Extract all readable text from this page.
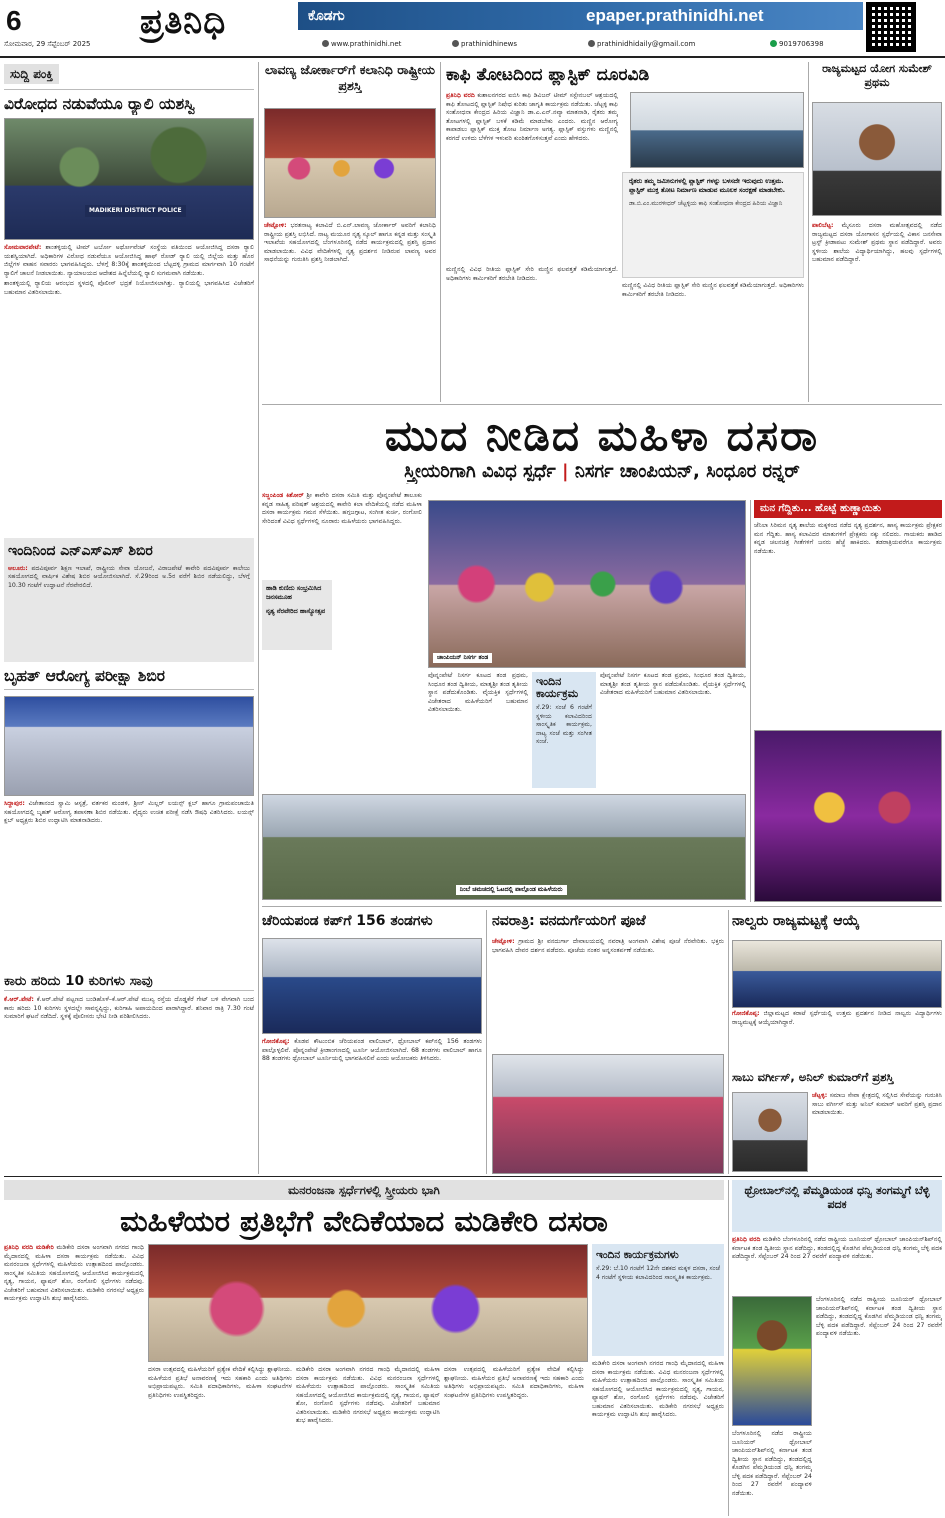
6	ಪ್ರತಿನಿಧಿ	ಕೊಡಗು	epaper.prathinidhi.net
ಸೋಮವಾರ, 29 ಸೆಪ್ಟೆಂಬರ್ 2025	www.prathinidhi.net	prathinidhinews	prathinidhidaily@gmail.com	9019706398
ಸುದ್ದಿ ಪಂಕ್ತಿ
ವಿರೋಧದ ನಡುವೆಯೂ ರ‍್ಯಾಲಿ ಯಶಸ್ವಿ
MADIKERI DISTRICT POLICE

ಸೋಮವಾರಪೇಟೆ: ಶಾಂತಳ್ಳಿಯಲ್ಲಿ ಟೀಮ್ ಟರ್ಬೋ ಅರ್ಥೋವೆಂಟ್ ಸಂಸ್ಥೆಯ ವತಿಯಿಂದ ಆಯೋಜಿಸಿದ್ದ ದಸರಾ ರ‍್ಯಾಲಿ ಯಶಸ್ವಿಯಾಗಿದೆ. ಅಧಿಕಾರಿಗಳ ವಿರೋಧ ನಡುವೆಯೂ ಆಯೋಜಿಸಿದ್ದ ಹಾಫ್ ರೋಡ್ ರ‍್ಯಾಲಿ ಯಲ್ಲಿ ಜಿಲ್ಲೆಯ ಮತ್ತು ಹೊರ ಜಿಲ್ಲೆಗಳ ವಾಹನ ಸವಾರರು ಭಾಗವಹಿಸಿದ್ದರು. ಬೆಳಗ್ಗೆ 8:30ಕ್ಕೆ ಶಾಂತಳ್ಳಿಯಿಂದ ಬೆಟ್ಟದಳ್ಳಿ ಗ್ರಾಮದ ಮಾರ್ಗವಾಗಿ 10 ಗಂಟೆಗೆ ರ‍್ಯಾಲಿಗೆ ಚಾಲನೆ ನೀಡಲಾಯಿತು. ನ್ಯಾಯಾಲಯದ ಆದೇಶದ ಹಿನ್ನೆಲೆಯಲ್ಲಿ ರ‍್ಯಾಲಿ ಸುಗಮವಾಗಿ ನಡೆಯಿತು.

ಶಾಂತಳ್ಳಿಯಲ್ಲಿ ರ‍್ಯಾಲಿಯ ಆರಂಭದ ಸ್ಥಳದಲ್ಲಿ ಪೊಲೀಸ್ ಭದ್ರತೆ ನಿಯೋಜಿಸಲಾಗಿತ್ತು. ರ‍್ಯಾಲಿಯಲ್ಲಿ ಭಾಗವಹಿಸಿದ ವಿಜೇತರಿಗೆ ಬಹುಮಾನ ವಿತರಿಸಲಾಯಿತು.

ಇಂದಿನಿಂದ ಎನ್‌ಎಸ್‌ಎಸ್ ಶಿಬಿರ
ಆಲೂರು: ಪದವಿಪೂರ್ವ ಶಿಕ್ಷಣ ಇಲಾಖೆ, ರಾಷ್ಟ್ರೀಯ ಸೇವಾ ಯೋಜನೆ, ವಿರಾಜಪೇಟೆ ಕಾವೇರಿ ಪದವಿಪೂರ್ವ ಕಾಲೇಜು ಸಹಯೋಗದಲ್ಲಿ ವಾರ್ಷಿಕ ವಿಶೇಷ ಶಿಬಿರ ಆಯೋಜಿಸಲಾಗಿದೆ. ಸೆ.29ರಿಂದ ಅ.5ರ ವರೆಗೆ ಶಿಬಿರ ನಡೆಯಲಿದ್ದು, ಬೆಳಗ್ಗೆ 10.30 ಗಂಟೆಗೆ ಉದ್ಘಾಟನೆ ನೆರವೇರಲಿದೆ.
ಬೃಹತ್ ಆರೋಗ್ಯ ಪರೀಕ್ಷಾ ಶಿಬಿರ
ಸಿದ್ದಾಪುರ: ವಿಜೇತಾನಂದ ಸ್ವಾಮಿ ಆಸ್ಪತ್ರೆ, ವರ್ತಕರ ಮಂಡಳಿ, ಶ್ರೀನ್ ಮಿಲ್ಲರ್ ಲಯನ್ಸ್ ಕ್ಲಬ್ ಹಾಗೂ ಗ್ರಾಮಪಂಚಾಯಿತಿ ಸಹಯೋಗದಲ್ಲಿ ಬೃಹತ್ ಆರೋಗ್ಯ ತಪಾಸಣಾ ಶಿಬಿರ ನಡೆಯಿತು. ವೈದ್ಯರು ಉಚಿತ ಪರೀಕ್ಷೆ ನಡೆಸಿ ಔಷಧಿ ವಿತರಿಸಿದರು. ಲಯನ್ಸ್ ಕ್ಲಬ್ ಅಧ್ಯಕ್ಷರು ಶಿಬಿರ ಉದ್ಘಾಟಿಸಿ ಮಾತನಾಡಿದರು.
ಕಾರು ಹರಿದು 10 ಕುರಿಗಳು ಸಾವು
ಕೆ.ಆರ್.ಪೇಟೆ: ಕೆ.ಆರ್.ಪೇಟೆ ಪಟ್ಟಣದ ಬಂಡಿಹೊಳೆ–ಕೆ.ಆರ್.ಪೇಟೆ ಮುಖ್ಯ ರಸ್ತೆಯ ದೊಡ್ಡಕೆರೆ ಗೇಟ್ ಬಳಿ ವೇಗವಾಗಿ ಬಂದ ಕಾರು ಹರಿದು 10 ಕುರಿಗಳು ಸ್ಥಳದಲ್ಲೇ ಸಾವನ್ನಪ್ಪಿದ್ದು, ಕುರಿಗಾಹಿ ಅಪಾಯದಿಂದ ಪಾರಾಗಿದ್ದಾರೆ. ಶನಿವಾರ ರಾತ್ರಿ 7.30 ಗಂಟೆ ಸುಮಾರಿಗೆ ಘಟನೆ ನಡೆದಿದೆ. ಸ್ಥಳಕ್ಕೆ ಪೊಲೀಸರು ಭೇಟಿ ನೀಡಿ ಪರಿಶೀಲಿಸಿದರು.
ಲಾವಣ್ಯ ಜೋರ್ಕಾರ್‌ಗೆ ಕಲಾನಿಧಿ ರಾಷ್ಟ್ರೀಯ ಪ್ರಶಸ್ತಿ
ಚೇಟ್ಟೋಳಿ: ಭರತನಾಟ್ಯ ಕಲಾವಿದೆ ಬಿ.ಎನ್.ಲಾವಣ್ಯ ಜೋರ್ಕಾರ್ ಅವರಿಗೆ ಕಲಾನಿಧಿ ರಾಷ್ಟ್ರೀಯ ಪ್ರಶಸ್ತಿ ಲಭಿಸಿದೆ. ನಾಟ್ಯ ಮಯೂರ ನೃತ್ಯ ಸ್ಕೂಲ್ ಹಾಗೂ ಕನ್ನಡ ಮತ್ತು ಸಂಸ್ಕೃತಿ ಇಲಾಖೆಯ ಸಹಯೋಗದಲ್ಲಿ ಬೆಂಗಳೂರಿನಲ್ಲಿ ನಡೆದ ಕಾರ್ಯಕ್ರಮದಲ್ಲಿ ಪ್ರಶಸ್ತಿ ಪ್ರದಾನ ಮಾಡಲಾಯಿತು. ವಿವಿಧ ವೇದಿಕೆಗಳಲ್ಲಿ ನೃತ್ಯ ಪ್ರದರ್ಶನ ನೀಡಿರುವ ಲಾವಣ್ಯ ಅವರ ಸಾಧನೆಯನ್ನು ಗುರುತಿಸಿ ಪ್ರಶಸ್ತಿ ನೀಡಲಾಗಿದೆ.
ಕಾಫಿ ತೋಟದಿಂದ ಪ್ಲಾಸ್ಟಿಕ್ ದೂರವಿಡಿ
ಪ್ರತಿನಿಧಿ ವರದಿ ಕುಶಾಲನಗರದ ಐಬಿಸಿ ಕಾಫಿ ಡಿವಿಜನ್ ಟೀಮ್ ಸಸ್ಟೇನಬಲ್ ಆಶ್ರಯದಲ್ಲಿ ಕಾಫಿ ತೋಟದಲ್ಲಿ ಪ್ಲಾಸ್ಟಿಕ್ ನಿಷೇಧ ಕುರಿತು ಜಾಗೃತಿ ಕಾರ್ಯಕ್ರಮ ನಡೆಯಿತು. ಚೆಟ್ಟಳ್ಳಿ ಕಾಫಿ ಸಂಶೋಧನಾ ಕೇಂದ್ರದ ಹಿರಿಯ ವಿಜ್ಞಾನಿ ಡಾ.ಎ.ಎನ್.ನವ್ಯಾ ಮಾತನಾಡಿ, ರೈತರು ತಮ್ಮ ತೋಟಗಳಲ್ಲಿ ಪ್ಲಾಸ್ಟಿಕ್ ಬಳಕೆ ಕಡಿಮೆ ಮಾಡಬೇಕು ಎಂದರು. ಮಣ್ಣಿನ ಆರೋಗ್ಯ ಕಾಪಾಡಲು ಪ್ಲಾಸ್ಟಿಕ್ ಮುಕ್ತ ತೋಟ ನಿರ್ಮಾಣ ಅಗತ್ಯ. ಪ್ಲಾಸ್ಟಿಕ್ ವಸ್ತುಗಳು ಮಣ್ಣಿನಲ್ಲಿ ಕರಗದೆ ಉಳಿದು ಬೆಳೆಗಳ ಇಳುವರಿ ಕುಂಠಿತಗೊಳಿಸುತ್ತವೆ ಎಂದು ಹೇಳಿದರು.
ರೈತರು ತಮ್ಮ ಜಮೀನುಗಳಲ್ಲಿ ಪ್ಲಾಸ್ಟಿಕ್ ಗಳನ್ನು ಬಳಸದೇ ಇರುವುದು ಉತ್ತಮ. ಪ್ಲಾಸ್ಟಿಕ್ ಮುಕ್ತ ತೋಟ ನಿರ್ಮಾಣ ಮಾಡುವ ಮೂಲಕ ಸಂರಕ್ಷಣೆ ಮಾಡಬೇಕು.
ಡಾ.ಬಿ.ಎಂ.ಮುರಳೀಧರ್ ಚೆಟ್ಟಳ್ಳಿಯ ಕಾಫಿ ಸಂಶೋಧನಾ ಕೇಂದ್ರದ ಹಿರಿಯ ವಿಜ್ಞಾನಿ
ಮಣ್ಣಿನಲ್ಲಿ ವಿವಿಧ ರೀತಿಯ ಪ್ಲಾಸ್ಟಿಕ್ ಸೇರಿ ಮಣ್ಣಿನ ಫಲವತ್ತತೆ ಕಡಿಮೆಯಾಗುತ್ತದೆ. ಅಧಿಕಾರಿಗಳು ಕಾರ್ಮಿಕರಿಗೆ ತರಬೇತಿ ನೀಡಿದರು.
ಮಣ್ಣಿನಲ್ಲಿ ವಿವಿಧ ರೀತಿಯ ಪ್ಲಾಸ್ಟಿಕ್ ಸೇರಿ ಮಣ್ಣಿನ ಫಲವತ್ತತೆ ಕಡಿಮೆಯಾಗುತ್ತದೆ. ಅಧಿಕಾರಿಗಳು ಕಾರ್ಮಿಕರಿಗೆ ತರಬೇತಿ ನೀಡಿದರು.
ರಾಜ್ಯಮಟ್ಟದ ಯೋಗ ಸುಮೇಶ್ ಪ್ರಥಮ
ಪಾಲಿಬೆಟ್ಟ: ಮೈಸೂರು ದಸರಾ ಮಹೋತ್ಸವದಲ್ಲಿ ನಡೆದ ರಾಜ್ಯಮಟ್ಟದ ದಸರಾ ಯೋಗಾಸನ ಸ್ಪರ್ಧೆಯಲ್ಲಿ ವಿಕಾಸ ಜನಸೇವಾ ಟ್ರಸ್ಟ್ ಕ್ರೀಡಾಪಟು ಸುಮೇಶ್ ಪ್ರಥಮ ಸ್ಥಾನ ಪಡೆದಿದ್ದಾರೆ. ಅವರು ಸ್ಥಳೀಯ ಶಾಲೆಯ ವಿದ್ಯಾರ್ಥಿಯಾಗಿದ್ದು, ಹಲವು ಸ್ಪರ್ಧೆಗಳಲ್ಲಿ ಬಹುಮಾನ ಪಡೆದಿದ್ದಾರೆ.
ಮುದ ನೀಡಿದ ಮಹಿಳಾ ದಸರಾ
ಸ್ತ್ರೀಯರಿಗಾಗಿ ವಿವಿಧ ಸ್ಪರ್ಧೆ | ನಿಸರ್ಗ ಚಾಂಪಿಯನ್, ಸಿಂಧೂರ ರನ್ನರ್

ಸಜ್ಜಂಪಿಂಡ ಕಿಶೋರ್ ಶ್ರೀ ಕಾವೇರಿ ದಸರಾ ಸಮಿತಿ ಮತ್ತು ಪೊನ್ನಂಪೇಟೆ ತಾಲೂಕು ಕನ್ನಡ ಸಾಹಿತ್ಯ ಪರಿಷತ್ ಆಶ್ರಯದಲ್ಲಿ ಕಾವೇರಿ ಕಲಾ ವೇದಿಕೆಯಲ್ಲಿ ನಡೆದ ಮಹಿಳಾ ದಸರಾ ಕಾರ್ಯಕ್ರಮ ಗಮನ ಸೆಳೆಯಿತು. ಹಗ್ಗಜಗ್ಗಾಟ, ಸಂಗೀತ ಕುರ್ಚಿ, ರಂಗೋಲಿ ಸೇರಿದಂತೆ ವಿವಿಧ ಸ್ಪರ್ಧೆಗಳಲ್ಲಿ ನೂರಾರು ಮಹಿಳೆಯರು ಭಾಗವಹಿಸಿದ್ದರು.

ಹಾಡಿ ಕುಣಿದು ಸಂಭ್ರಮಿಸಿದ ಜನಸಮೂಹ
ನೃತ್ಯ ನೆರವೇರಿದ ಹಾಸ್ಯೋತ್ಸವ
ಚಾಂಪಿಯನ್ ನಿಸರ್ಗ ತಂಡ
ಪೊನ್ನಂಪೇಟೆ ನಿಸರ್ಗ ಕೂಟದ ತಂಡ ಪ್ರಥಮ, ಸಿಂಧೂರ ತಂಡ ದ್ವಿತೀಯ, ಮಾತೃಶ್ರೀ ತಂಡ ತೃತೀಯ ಸ್ಥಾನ ಪಡೆದುಕೊಂಡಿತು. ವೈಯಕ್ತಿಕ ಸ್ಪರ್ಧೆಗಳಲ್ಲಿ ವಿಜೇತರಾದ ಮಹಿಳೆಯರಿಗೆ ಬಹುಮಾನ ವಿತರಿಸಲಾಯಿತು.
ಇಂದಿನ ಕಾರ್ಯಕ್ರಮ
ಸೆ.29: ಸಂಜೆ 6 ಗಂಟೆಗೆ ಸ್ಥಳೀಯ ಕಲಾವಿದರಿಂದ ಸಾಂಸ್ಕೃತಿಕ ಕಾರ್ಯಕ್ರಮ, ನಾಟ್ಯ ಸಂಜೆ ಮತ್ತು ಸಂಗೀತ ಸಂಜೆ.
ಪೊನ್ನಂಪೇಟೆ ನಿಸರ್ಗ ಕೂಟದ ತಂಡ ಪ್ರಥಮ, ಸಿಂಧೂರ ತಂಡ ದ್ವಿತೀಯ, ಮಾತೃಶ್ರೀ ತಂಡ ತೃತೀಯ ಸ್ಥಾನ ಪಡೆದುಕೊಂಡಿತು. ವೈಯಕ್ತಿಕ ಸ್ಪರ್ಧೆಗಳಲ್ಲಿ ವಿಜೇತರಾದ ಮಹಿಳೆಯರಿಗೆ ಬಹುಮಾನ ವಿತರಿಸಲಾಯಿತು.
ನಿಂಬೆ ಚಮಚದಲ್ಲಿ ಓಟದಲ್ಲಿ ಪಾಲ್ಗೊಂಡ ಮಹಿಳೆಯರು
ಮನ ಗೆದ್ದಿತು... ಹೊಟ್ಟೆ ಹುಣ್ಣಾಯಿತು
ಜೆನಿಲಾ ಸಿರಿಮನ ನೃತ್ಯ ಶಾಲೆಯ ಮಕ್ಕಳಿಂದ ನಡೆದ ನೃತ್ಯ ಪ್ರದರ್ಶನ, ಹಾಸ್ಯ ಕಾರ್ಯಕ್ರಮ ಪ್ರೇಕ್ಷಕರ ಮನ ಗೆದ್ದಿತು. ಹಾಸ್ಯ ಕಲಾವಿದರ ಮಾತುಗಳಿಗೆ ಪ್ರೇಕ್ಷಕರು ನಕ್ಕು ನಲಿದರು. ಗಾಯಕರು ಹಾಡಿದ ಕನ್ನಡ ಚಲನಚಿತ್ರ ಗೀತೆಗಳಿಗೆ ಜನರು ಹೆಜ್ಜೆ ಹಾಕಿದರು. ತಡರಾತ್ರಿಯವರೆಗೂ ಕಾರ್ಯಕ್ರಮ ನಡೆಯಿತು.
ಚೆರಿಯಪಂಡ ಕಪ್‌ಗೆ 156 ತಂಡಗಳು
ಗೋಣಿಕೊಪ್ಪ: ಕೊಡವ ಕೌಟುಂಬಿಕ ಚೆರಿಯಪಂಡ ವಾಲಿಬಾಲ್, ಥ್ರೋಬಾಲ್ ಕಪ್‌ನಲ್ಲಿ 156 ತಂಡಗಳು ಪಾಲ್ಗೊಳ್ಳಲಿವೆ. ಪೊನ್ನಂಪೇಟೆ ಕ್ರೀಡಾಂಗಣದಲ್ಲಿ ಟೂರ್ನಿ ಆಯೋಜಿಸಲಾಗಿದೆ. 68 ತಂಡಗಳು ವಾಲಿಬಾಲ್ ಹಾಗೂ 88 ತಂಡಗಳು ಥ್ರೋಬಾಲ್ ಟೂರ್ನಿಯಲ್ಲಿ ಭಾಗವಹಿಸಲಿವೆ ಎಂದು ಆಯೋಜಕರು ತಿಳಿಸಿದರು.
ನವರಾತ್ರಿ: ವನದುರ್ಗೆಯರಿಗೆ ಪೂಜೆ
ಚೇಟ್ಟೋಳಿ: ಗ್ರಾಮದ ಶ್ರೀ ವನದುರ್ಗಾ ದೇವಾಲಯದಲ್ಲಿ ನವರಾತ್ರಿ ಅಂಗವಾಗಿ ವಿಶೇಷ ಪೂಜೆ ನೆರವೇರಿತು. ಭಕ್ತರು ಭಾಗವಹಿಸಿ ದೇವರ ದರ್ಶನ ಪಡೆದರು. ಪೂಜೆಯ ನಂತರ ಅನ್ನಸಂತರ್ಪಣೆ ನಡೆಯಿತು.
ನಾಲ್ವರು ರಾಜ್ಯಮಟ್ಟಕ್ಕೆ ಆಯ್ಕೆ
ಗೋಣಿಕೊಪ್ಪ: ಜಿಲ್ಲಾಮಟ್ಟದ ಕರಾಟೆ ಸ್ಪರ್ಧೆಯಲ್ಲಿ ಉತ್ತಮ ಪ್ರದರ್ಶನ ನೀಡಿದ ನಾಲ್ವರು ವಿದ್ಯಾರ್ಥಿಗಳು ರಾಜ್ಯಮಟ್ಟಕ್ಕೆ ಆಯ್ಕೆಯಾಗಿದ್ದಾರೆ.
ಸಾಬು ವರ್ಗೀಸ್, ಅನಿಲ್ ಕುಮಾರ್‌ಗೆ ಪ್ರಶಸ್ತಿ
ಚೆಟ್ಟಳ್ಳಿ: ಸಮಾಜ ಸೇವಾ ಕ್ಷೇತ್ರದಲ್ಲಿ ಸಲ್ಲಿಸಿದ ಸೇವೆಯನ್ನು ಗುರುತಿಸಿ ಸಾಬು ವರ್ಗೀಸ್ ಮತ್ತು ಅನಿಲ್ ಕುಮಾರ್ ಅವರಿಗೆ ಪ್ರಶಸ್ತಿ ಪ್ರದಾನ ಮಾಡಲಾಯಿತು.
ಮನರಂಜನಾ ಸ್ಪರ್ಧೆಗಳಲ್ಲಿ ಸ್ತ್ರೀಯರು ಭಾಗಿ
ಮಹಿಳೆಯರ ಪ್ರತಿಭೆಗೆ ವೇದಿಕೆಯಾದ ಮಡಿಕೇರಿ ದಸರಾ
ಪ್ರತಿನಿಧಿ ವರದಿ ಮಡಿಕೇರಿ ಮಡಿಕೇರಿ ದಸರಾ ಅಂಗವಾಗಿ ನಗರದ ಗಾಂಧಿ ಮೈದಾನದಲ್ಲಿ ಮಹಿಳಾ ದಸರಾ ಕಾರ್ಯಕ್ರಮ ನಡೆಯಿತು. ವಿವಿಧ ಮನರಂಜನಾ ಸ್ಪರ್ಧೆಗಳಲ್ಲಿ ಮಹಿಳೆಯರು ಉತ್ಸಾಹದಿಂದ ಪಾಲ್ಗೊಂಡರು. ಸಾಂಸ್ಕೃತಿಕ ಸಮಿತಿಯ ಸಹಯೋಗದಲ್ಲಿ ಆಯೋಜಿಸಿದ ಕಾರ್ಯಕ್ರಮದಲ್ಲಿ ನೃತ್ಯ, ಗಾಯನ, ಫ್ಯಾಷನ್ ಶೋ, ರಂಗೋಲಿ ಸ್ಪರ್ಧೆಗಳು ನಡೆದವು. ವಿಜೇತರಿಗೆ ಬಹುಮಾನ ವಿತರಿಸಲಾಯಿತು. ಮಡಿಕೇರಿ ನಗರಸಭೆ ಅಧ್ಯಕ್ಷರು ಕಾರ್ಯಕ್ರಮ ಉದ್ಘಾಟಿಸಿ ಶುಭ ಹಾರೈಸಿದರು.
ಇಂದಿನ ಕಾರ್ಯಕ್ರಮಗಳು
ಸೆ.29: ಬೆ.10 ಗಂಟೆಗೆ 12ನೇ ದಶಕದ ಮಕ್ಕಳ ದಸರಾ, ಸಂಜೆ 4 ಗಂಟೆಗೆ ಸ್ಥಳೀಯ ಕಲಾವಿದರಿಂದ ಸಾಂಸ್ಕೃತಿಕ ಕಾರ್ಯಕ್ರಮ.
ದಸರಾ ಉತ್ಸವದಲ್ಲಿ ಮಹಿಳೆಯರಿಗೆ ಪ್ರತ್ಯೇಕ ವೇದಿಕೆ ಕಲ್ಪಿಸಿದ್ದು ಶ್ಲಾಘನೀಯ. ಮಹಿಳೆಯರ ಪ್ರತಿಭೆ ಅನಾವರಣಕ್ಕೆ ಇದು ಸಹಕಾರಿ ಎಂದು ಅತಿಥಿಗಳು ಅಭಿಪ್ರಾಯಪಟ್ಟರು. ಸಮಿತಿ ಪದಾಧಿಕಾರಿಗಳು, ಮಹಿಳಾ ಸಂಘಟನೆಗಳ ಪ್ರತಿನಿಧಿಗಳು ಉಪಸ್ಥಿತರಿದ್ದರು.
ಮಡಿಕೇರಿ ದಸರಾ ಅಂಗವಾಗಿ ನಗರದ ಗಾಂಧಿ ಮೈದಾನದಲ್ಲಿ ಮಹಿಳಾ ದಸರಾ ಕಾರ್ಯಕ್ರಮ ನಡೆಯಿತು. ವಿವಿಧ ಮನರಂಜನಾ ಸ್ಪರ್ಧೆಗಳಲ್ಲಿ ಮಹಿಳೆಯರು ಉತ್ಸಾಹದಿಂದ ಪಾಲ್ಗೊಂಡರು. ಸಾಂಸ್ಕೃತಿಕ ಸಮಿತಿಯ ಸಹಯೋಗದಲ್ಲಿ ಆಯೋಜಿಸಿದ ಕಾರ್ಯಕ್ರಮದಲ್ಲಿ ನೃತ್ಯ, ಗಾಯನ, ಫ್ಯಾಷನ್ ಶೋ, ರಂಗೋಲಿ ಸ್ಪರ್ಧೆಗಳು ನಡೆದವು. ವಿಜೇತರಿಗೆ ಬಹುಮಾನ ವಿತರಿಸಲಾಯಿತು. ಮಡಿಕೇರಿ ನಗರಸಭೆ ಅಧ್ಯಕ್ಷರು ಕಾರ್ಯಕ್ರಮ ಉದ್ಘಾಟಿಸಿ ಶುಭ ಹಾರೈಸಿದರು.
ದಸರಾ ಉತ್ಸವದಲ್ಲಿ ಮಹಿಳೆಯರಿಗೆ ಪ್ರತ್ಯೇಕ ವೇದಿಕೆ ಕಲ್ಪಿಸಿದ್ದು ಶ್ಲಾಘನೀಯ. ಮಹಿಳೆಯರ ಪ್ರತಿಭೆ ಅನಾವರಣಕ್ಕೆ ಇದು ಸಹಕಾರಿ ಎಂದು ಅತಿಥಿಗಳು ಅಭಿಪ್ರಾಯಪಟ್ಟರು. ಸಮಿತಿ ಪದಾಧಿಕಾರಿಗಳು, ಮಹಿಳಾ ಸಂಘಟನೆಗಳ ಪ್ರತಿನಿಧಿಗಳು ಉಪಸ್ಥಿತರಿದ್ದರು.
ಮಡಿಕೇರಿ ದಸರಾ ಅಂಗವಾಗಿ ನಗರದ ಗಾಂಧಿ ಮೈದಾನದಲ್ಲಿ ಮಹಿಳಾ ದಸರಾ ಕಾರ್ಯಕ್ರಮ ನಡೆಯಿತು. ವಿವಿಧ ಮನರಂಜನಾ ಸ್ಪರ್ಧೆಗಳಲ್ಲಿ ಮಹಿಳೆಯರು ಉತ್ಸಾಹದಿಂದ ಪಾಲ್ಗೊಂಡರು. ಸಾಂಸ್ಕೃತಿಕ ಸಮಿತಿಯ ಸಹಯೋಗದಲ್ಲಿ ಆಯೋಜಿಸಿದ ಕಾರ್ಯಕ್ರಮದಲ್ಲಿ ನೃತ್ಯ, ಗಾಯನ, ಫ್ಯಾಷನ್ ಶೋ, ರಂಗೋಲಿ ಸ್ಪರ್ಧೆಗಳು ನಡೆದವು. ವಿಜೇತರಿಗೆ ಬಹುಮಾನ ವಿತರಿಸಲಾಯಿತು. ಮಡಿಕೇರಿ ನಗರಸಭೆ ಅಧ್ಯಕ್ಷರು ಕಾರ್ಯಕ್ರಮ ಉದ್ಘಾಟಿಸಿ ಶುಭ ಹಾರೈಸಿದರು.
ಥ್ರೋಬಾಲ್‌ನಲ್ಲಿ ಪೆಮ್ಮಡಿಯಂಡ ಧನ್ವಿ ತಂಗಮ್ಮಗೆ ಬೆಳ್ಳಿ ಪದಕ
ಪ್ರತಿನಿಧಿ ವರದಿ ಮಡಿಕೇರಿ ಬೆಂಗಳೂರಿನಲ್ಲಿ ನಡೆದ ರಾಷ್ಟ್ರೀಯ ಜೂನಿಯರ್ ಥ್ರೋಬಾಲ್ ಚಾಂಪಿಯನ್‌ಶಿಪ್‌ನಲ್ಲಿ ಕರ್ನಾಟಕ ತಂಡ ದ್ವಿತೀಯ ಸ್ಥಾನ ಪಡೆದಿದ್ದು, ತಂಡದಲ್ಲಿದ್ದ ಕೊಡಗಿನ ಪೆಮ್ಮಡಿಯಂಡ ಧನ್ವಿ ತಂಗಮ್ಮ ಬೆಳ್ಳಿ ಪದಕ ಪಡೆದಿದ್ದಾರೆ. ಸೆಪ್ಟೆಂಬರ್ 24 ರಿಂದ 27 ರವರೆಗೆ ಪಂದ್ಯಾವಳಿ ನಡೆಯಿತು.
ಬೆಂಗಳೂರಿನಲ್ಲಿ ನಡೆದ ರಾಷ್ಟ್ರೀಯ ಜೂನಿಯರ್ ಥ್ರೋಬಾಲ್ ಚಾಂಪಿಯನ್‌ಶಿಪ್‌ನಲ್ಲಿ ಕರ್ನಾಟಕ ತಂಡ ದ್ವಿತೀಯ ಸ್ಥಾನ ಪಡೆದಿದ್ದು, ತಂಡದಲ್ಲಿದ್ದ ಕೊಡಗಿನ ಪೆಮ್ಮಡಿಯಂಡ ಧನ್ವಿ ತಂಗಮ್ಮ ಬೆಳ್ಳಿ ಪದಕ ಪಡೆದಿದ್ದಾರೆ. ಸೆಪ್ಟೆಂಬರ್ 24 ರಿಂದ 27 ರವರೆಗೆ ಪಂದ್ಯಾವಳಿ ನಡೆಯಿತು.
ಬೆಂಗಳೂರಿನಲ್ಲಿ ನಡೆದ ರಾಷ್ಟ್ರೀಯ ಜೂನಿಯರ್ ಥ್ರೋಬಾಲ್ ಚಾಂಪಿಯನ್‌ಶಿಪ್‌ನಲ್ಲಿ ಕರ್ನಾಟಕ ತಂಡ ದ್ವಿತೀಯ ಸ್ಥಾನ ಪಡೆದಿದ್ದು, ತಂಡದಲ್ಲಿದ್ದ ಕೊಡಗಿನ ಪೆಮ್ಮಡಿಯಂಡ ಧನ್ವಿ ತಂಗಮ್ಮ ಬೆಳ್ಳಿ ಪದಕ ಪಡೆದಿದ್ದಾರೆ. ಸೆಪ್ಟೆಂಬರ್ 24 ರಿಂದ 27 ರವರೆಗೆ ಪಂದ್ಯಾವಳಿ ನಡೆಯಿತು.
